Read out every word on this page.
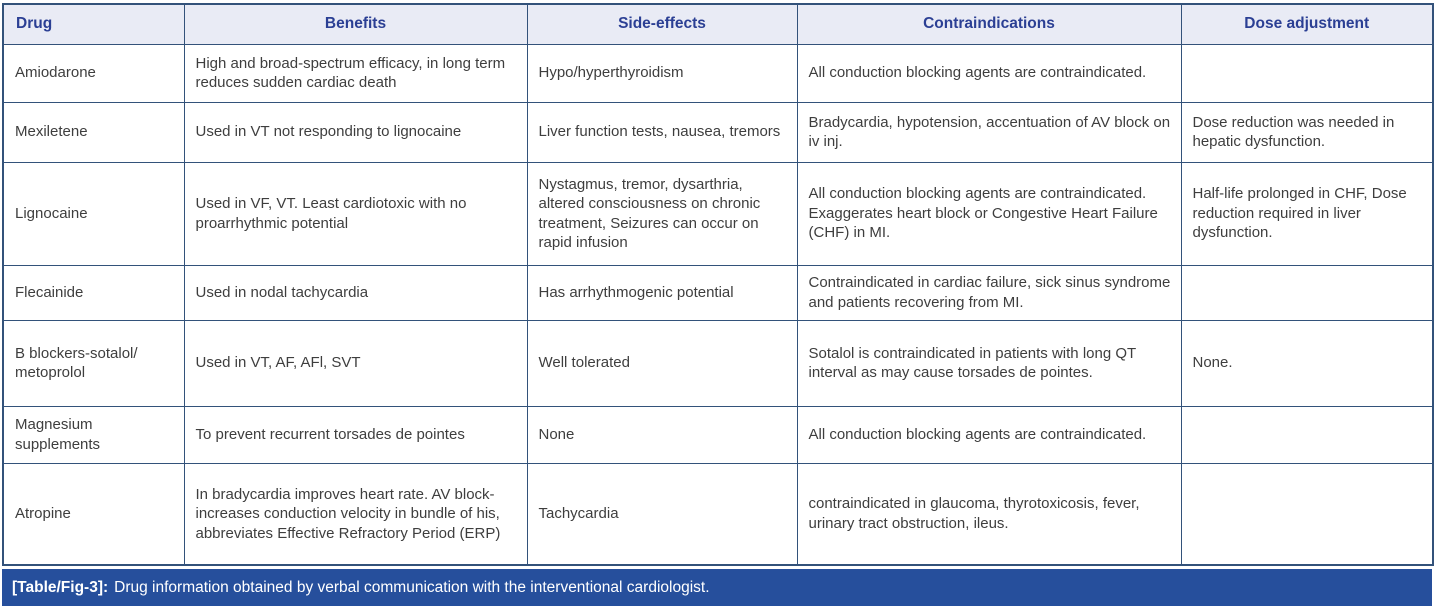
Drug	Benefits	Side-effects	Contraindications	Dose adjustment
Amiodarone	High and broad-spectrum efficacy, in long term reduces sudden cardiac death	Hypo/hyperthyroidism	All conduction blocking agents are contraindicated.	
Mexiletene	Used in VT not responding to lignocaine	Liver function tests, nausea, tremors	Bradycardia, hypotension, accentuation of AV block on iv inj.	Dose reduction was needed in hepatic dysfunction.
Lignocaine	Used in VF, VT. Least cardiotoxic with no proarrhythmic potential	Nystagmus, tremor, dysarthria, altered consciousness on chronic treatment, Seizures can occur on rapid infusion	All conduction blocking agents are contraindicated. Exaggerates heart block or Congestive Heart Failure (CHF) in MI.	Half-life prolonged in CHF, Dose reduction required in liver dysfunction.
Flecainide	Used in nodal tachycardia	Has arrhythmogenic potential	Contraindicated in cardiac failure, sick sinus syndrome and patients recovering from MI.	
B blockers-sotalol/ metoprolol	Used in VT, AF, AFl, SVT	Well tolerated	Sotalol is contraindicated in patients with long QT interval as may cause torsades de pointes.	None.
Magnesium supplements	To prevent recurrent torsades de pointes	None	All conduction blocking agents are contraindicated.	
Atropine	In bradycardia improves heart rate. AV block-increases conduction velocity in bundle of his, abbreviates Effective Refractory Period (ERP)	Tachycardia	contraindicated in glaucoma, thyrotoxicosis, fever, urinary tract obstruction, ileus.	
[Table/Fig-3]: Drug information obtained by verbal communication with the interventional cardiologist.
